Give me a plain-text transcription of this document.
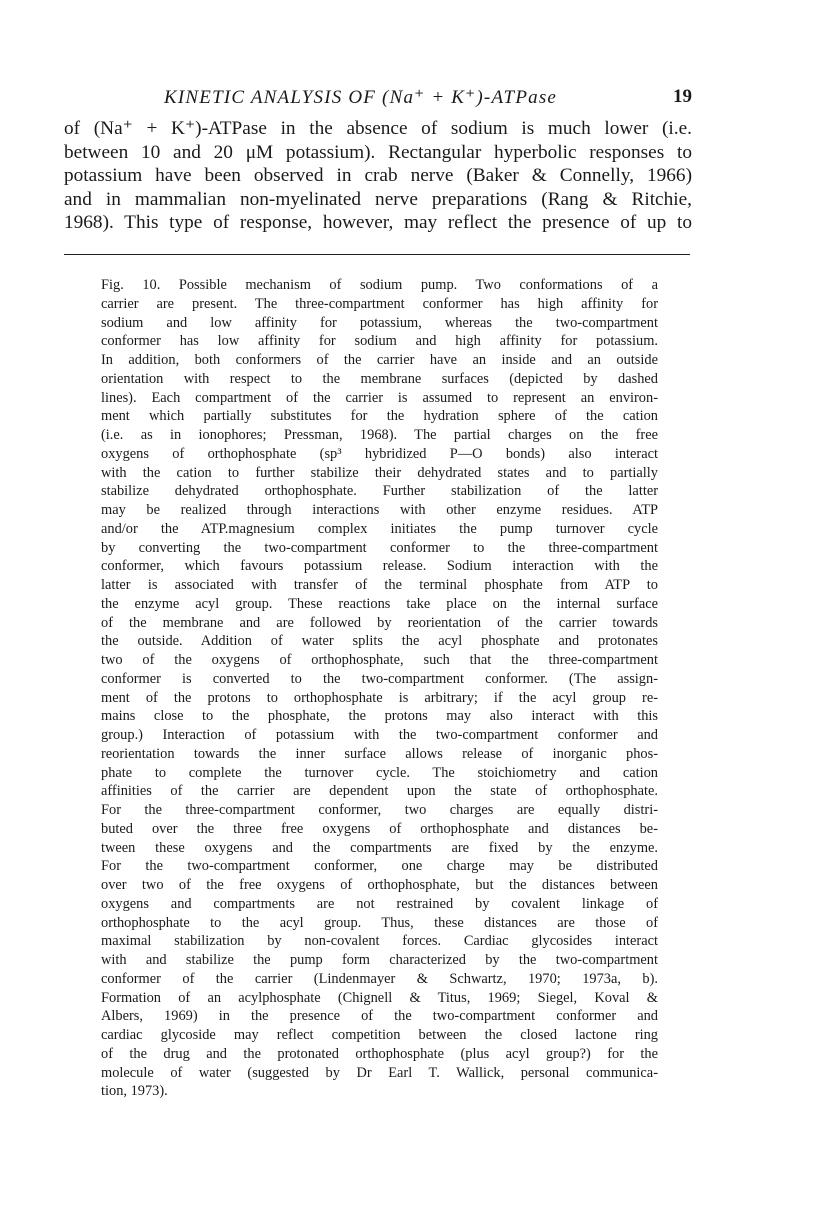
KINETIC ANALYSIS OF (Na⁺ + K⁺)-ATPase	19
of (Na⁺ + K⁺)-ATPase in the absence of sodium is much lower (i.e.
between 10 and 20 μM potassium). Rectangular hyperbolic responses to
potassium have been observed in crab nerve (Baker & Connelly, 1966)
and in mammalian non-myelinated nerve preparations (Rang & Ritchie,
1968). This type of response, however, may reflect the presence of up to
Fig. 10. Possible mechanism of sodium pump. Two conformations of a
carrier are present. The three-compartment conformer has high affinity for
sodium and low affinity for potassium, whereas the two-compartment
conformer has low affinity for sodium and high affinity for potassium.
In addition, both conformers of the carrier have an inside and an outside
orientation with respect to the membrane surfaces (depicted by dashed
lines). Each compartment of the carrier is assumed to represent an environ-
ment which partially substitutes for the hydration sphere of the cation
(i.e. as in ionophores; Pressman, 1968). The partial charges on the free
oxygens of orthophosphate (sp³ hybridized P—O bonds) also interact
with the cation to further stabilize their dehydrated states and to partially
stabilize dehydrated orthophosphate. Further stabilization of the latter
may be realized through interactions with other enzyme residues. ATP
and/or the ATP.magnesium complex initiates the pump turnover cycle
by converting the two-compartment conformer to the three-compartment
conformer, which favours potassium release. Sodium interaction with the
latter is associated with transfer of the terminal phosphate from ATP to
the enzyme acyl group. These reactions take place on the internal surface
of the membrane and are followed by reorientation of the carrier towards
the outside. Addition of water splits the acyl phosphate and protonates
two of the oxygens of orthophosphate, such that the three-compartment
conformer is converted to the two-compartment conformer. (The assign-
ment of the protons to orthophosphate is arbitrary; if the acyl group re-
mains close to the phosphate, the protons may also interact with this
group.) Interaction of potassium with the two-compartment conformer and
reorientation towards the inner surface allows release of inorganic phos-
phate to complete the turnover cycle. The stoichiometry and cation
affinities of the carrier are dependent upon the state of orthophosphate.
For the three-compartment conformer, two charges are equally distri-
buted over the three free oxygens of orthophosphate and distances be-
tween these oxygens and the compartments are fixed by the enzyme.
For the two-compartment conformer, one charge may be distributed
over two of the free oxygens of orthophosphate, but the distances between
oxygens and compartments are not restrained by covalent linkage of
orthophosphate to the acyl group. Thus, these distances are those of
maximal stabilization by non-covalent forces. Cardiac glycosides interact
with and stabilize the pump form characterized by the two-compartment
conformer of the carrier (Lindenmayer & Schwartz, 1970; 1973a, b).
Formation of an acylphosphate (Chignell & Titus, 1969; Siegel, Koval &
Albers, 1969) in the presence of the two-compartment conformer and
cardiac glycoside may reflect competition between the closed lactone ring
of the drug and the protonated orthophosphate (plus acyl group?) for the
molecule of water (suggested by Dr Earl T. Wallick, personal communica-
tion, 1973).
